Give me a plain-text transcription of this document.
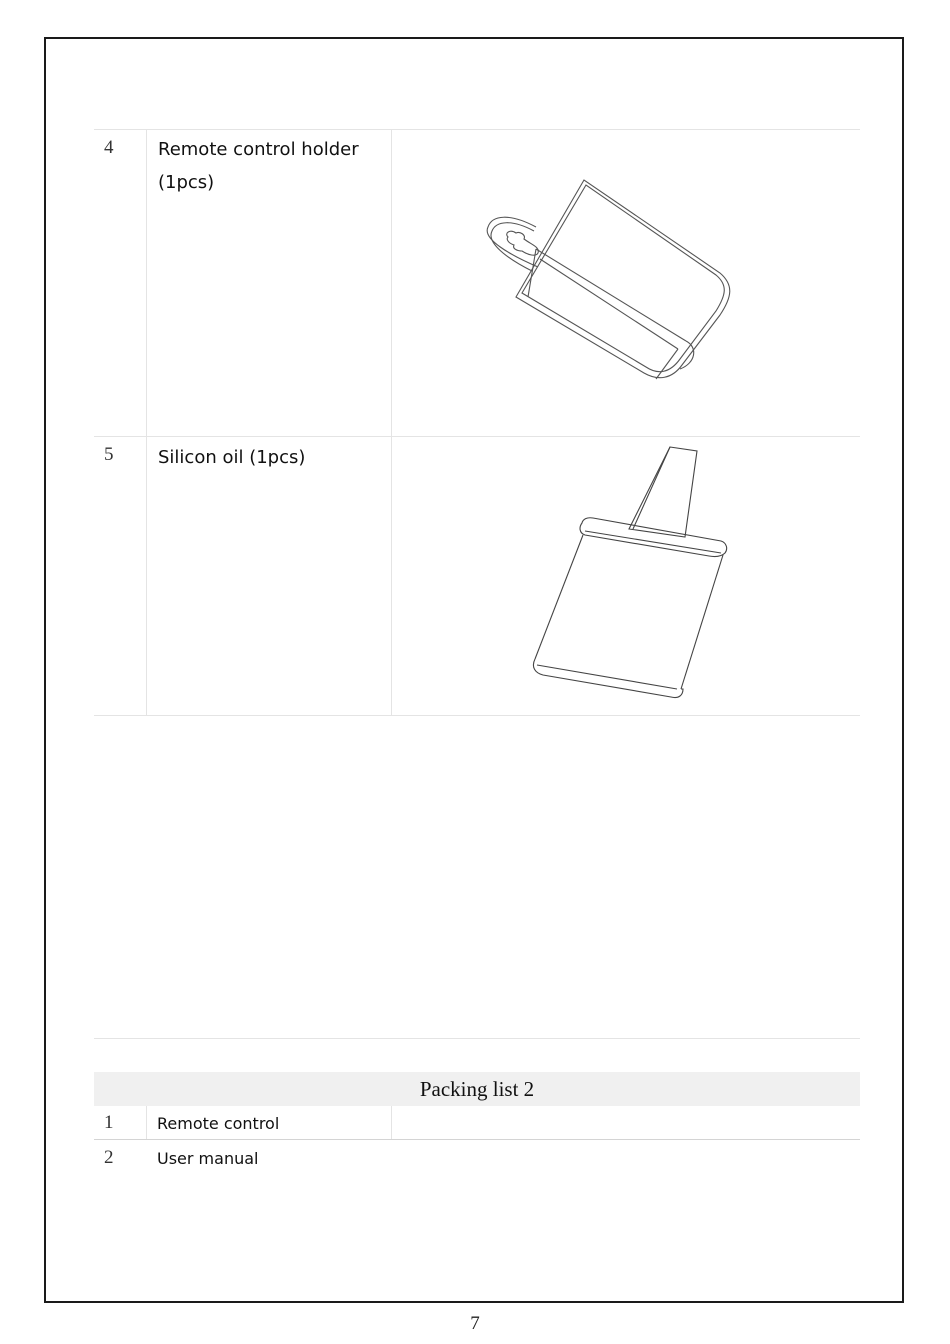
4 Remote control holder
(1pcs)
5 Silicon oil (1pcs)
Packing list 2
1	Remote control
2	User manual
7
